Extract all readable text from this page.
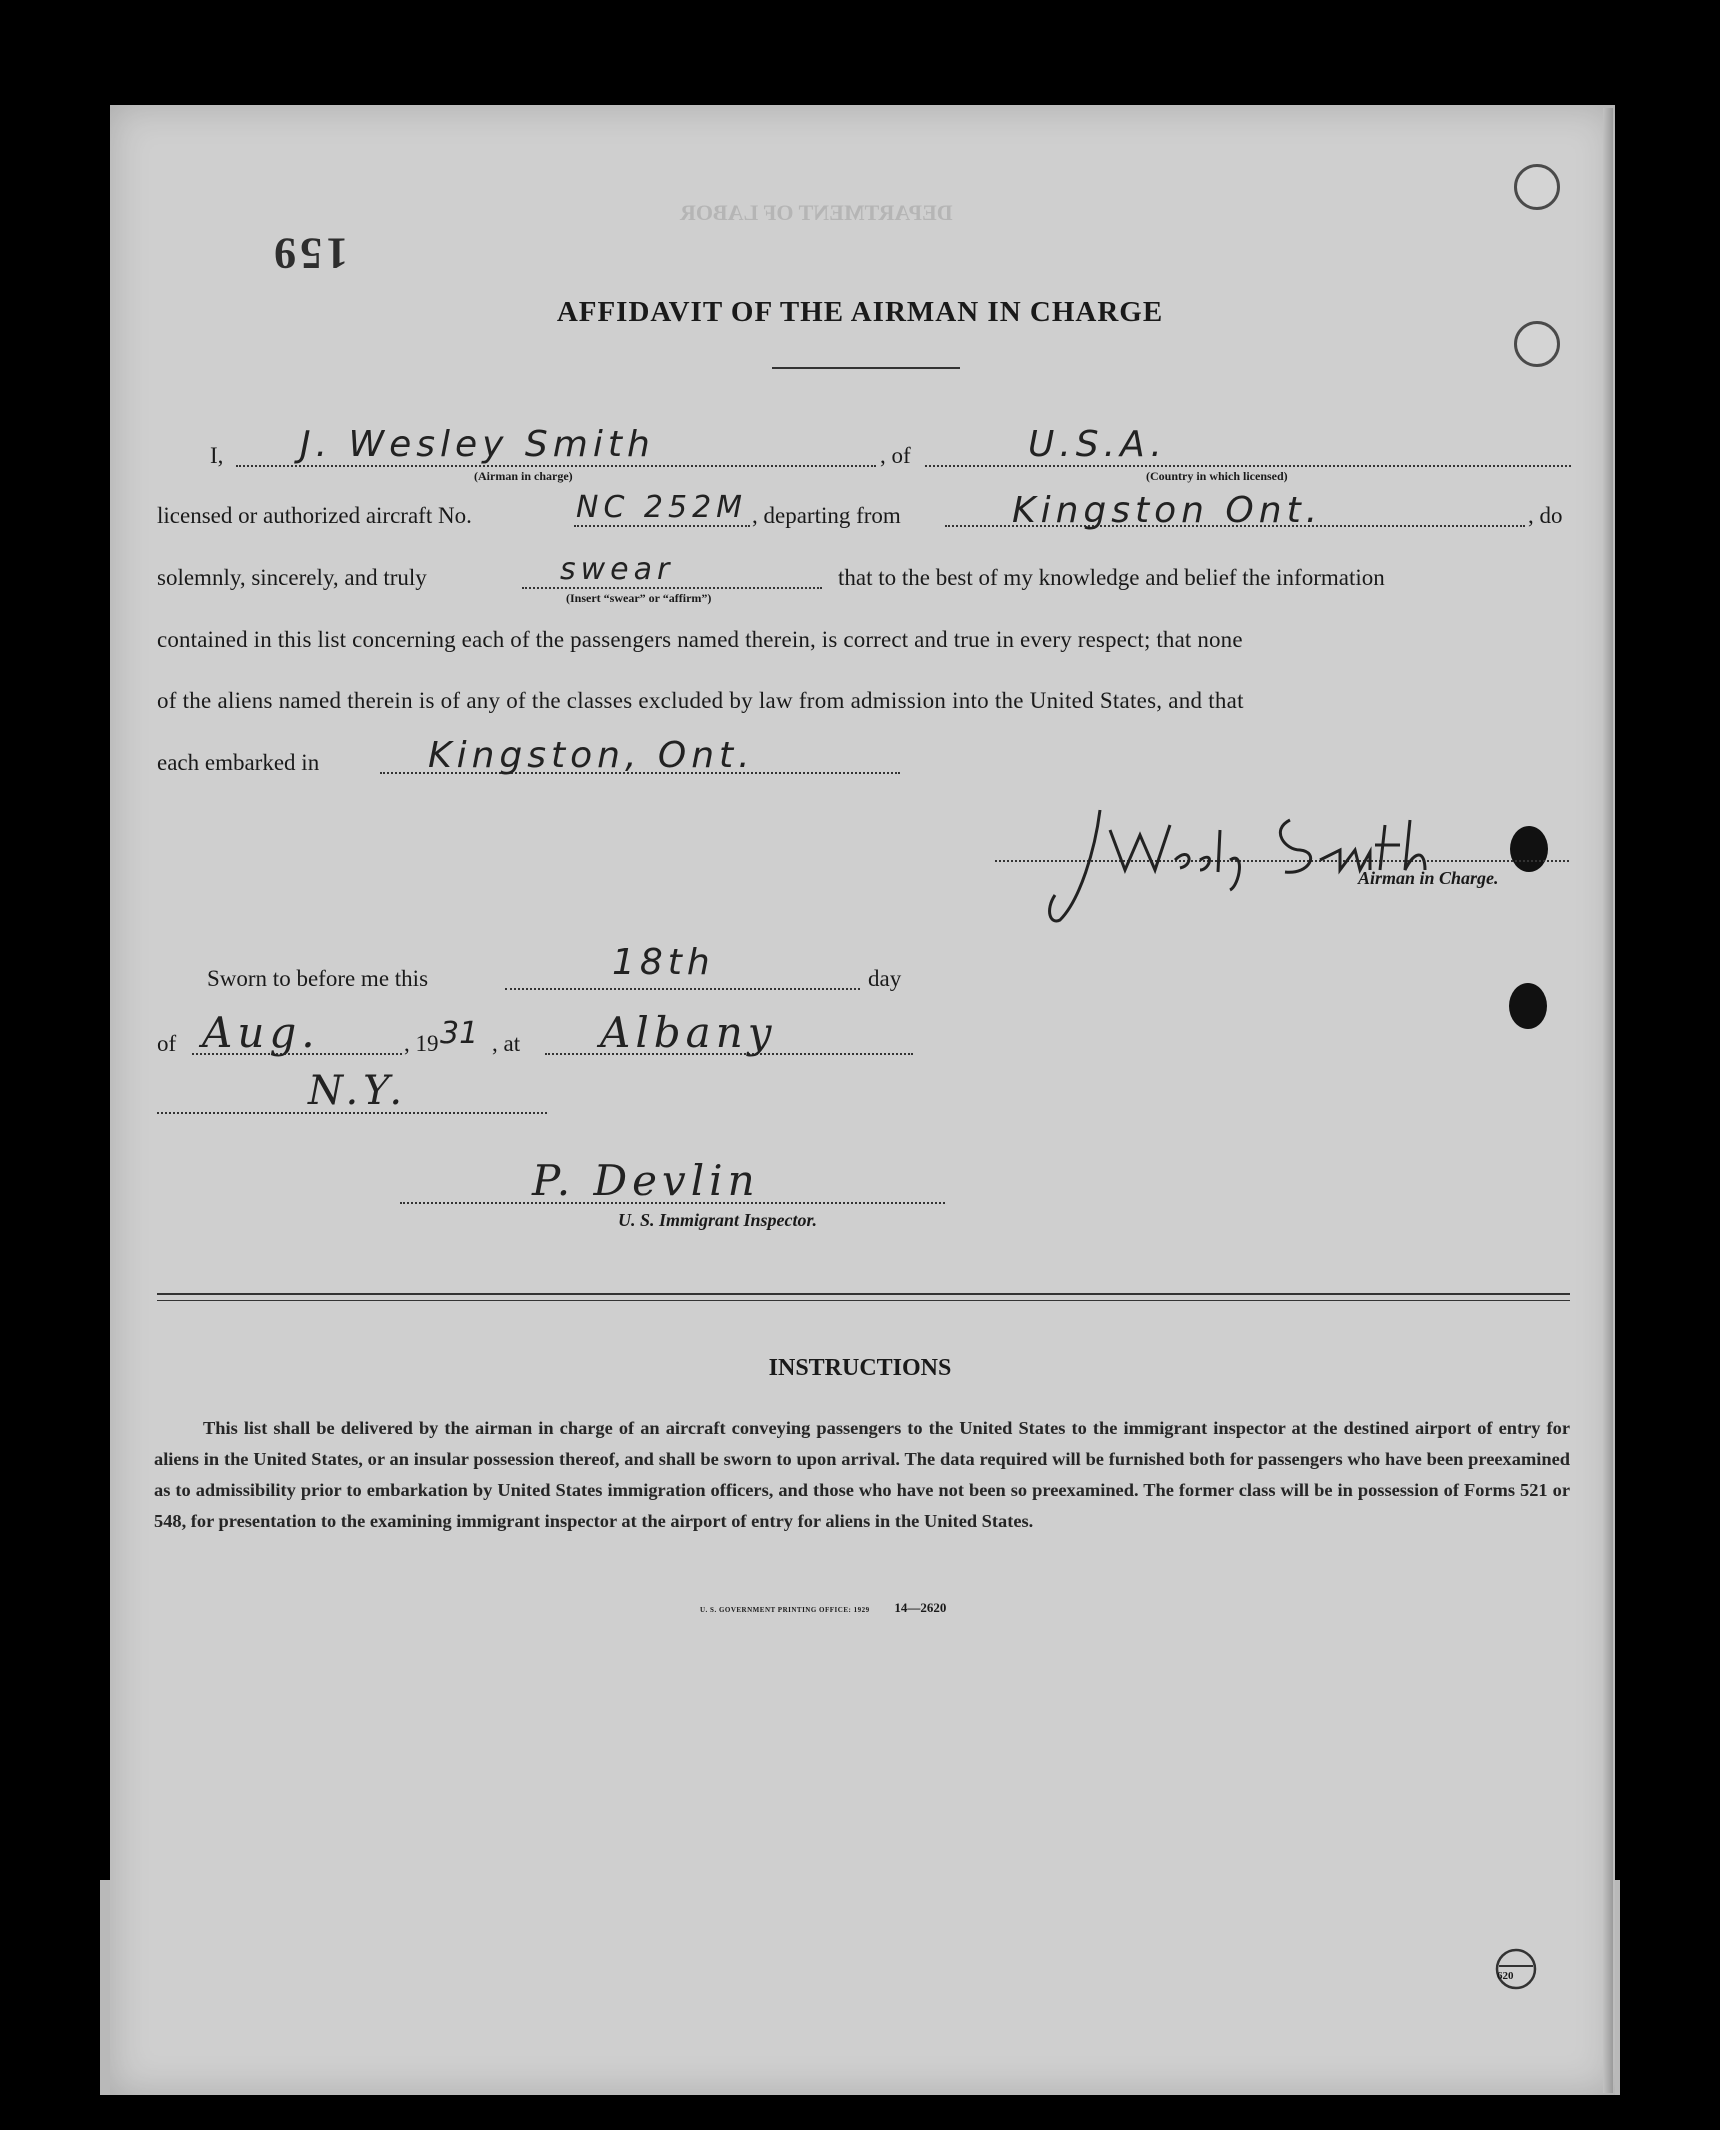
DEPARTMENT OF LABOR
159
AFFIDAVIT OF THE AIRMAN IN CHARGE
I, J. Wesley Smith
(Airman in charge)
, of	U.S.A.
(Country in which licensed)
licensed or authorized aircraft No.	NC 252M , departing from	Kingston Ont.	, do
solemnly, sincerely, and truly	swear
(Insert “swear” or “affirm”)
that to the best of my knowledge and belief the information
contained in this list concerning each of the passengers named therein, is correct and true in every respect; that none
of the aliens named therein is of any of the classes excluded by law from admission into the United States, and that
each embarked in	Kingston, Ont.
Airman in Charge.
Sworn to before me this	18th	day
of Aug.	, 19 31 , at Albany
N.Y.
P. Devlin
U. S. Immigrant Inspector.
INSTRUCTIONS
This list shall be delivered by the airman in charge of an aircraft conveying passengers to the United States to the immigrant inspector at the destined airport of entry for aliens in the United States, or an insular possession thereof, and shall be sworn to upon arrival. The data required will be furnished both for passengers who have been preexamined as to admissibility prior to embarkation by United States immigration officers, and those who have not been so preexamined. The former class will be in possession of Forms 521 or 548, for presentation to the examining immigrant inspector at the airport of entry for aliens in the United States.
U. S. GOVERNMENT PRINTING OFFICE: 1929 14—2620
620
